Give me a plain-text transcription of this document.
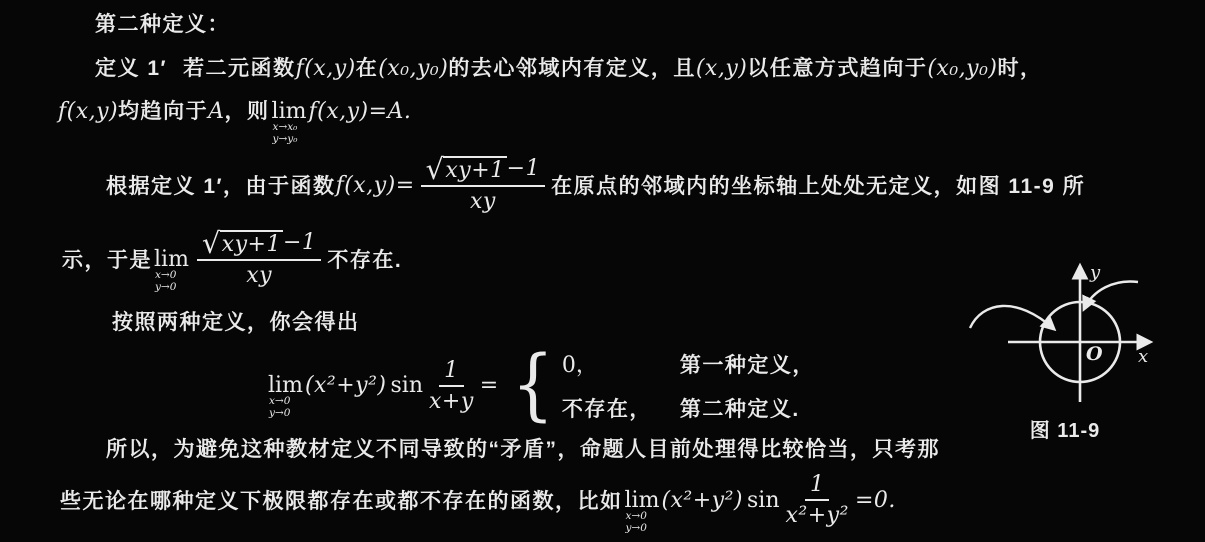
第二种定义：
定义 1′ 若二元函数 f(x,y) 在 (x₀,y₀) 的去心邻域内有定义，且 (x,y) 以任意方式趋向于 (x₀,y₀) 时，
f(x,y) 均趋向于 A ，则 lim
x→x₀
y→y₀
f(x,y)=A.
根据定义 1′，由于函数 $f(x,y)= \frac{√ xy+1 -1}{xy}$ 在原点的邻域内的坐标轴上处处无定义，如图 11-9 所
示，于是 lim
x→0
$y\to 0 \frac{√ xy+1 -1}{xy}$ 不存在.
按照两种定义，你会得出
lim
x→0
y→0
(x²+y²) $\sin \frac{1}{x+y}$ = { 0，	第一种定义，
不存在，	第二种定义.
所以，为避免这种教材定义不同导致的“矛盾”，命题人目前处理得比较恰当，只考那
些无论在哪种定义下极限都存在或都不存在的函数，比如 lim
x→0
y→0
(x²+y²) $\sin \frac{1}{\text{x²+y²}} =0$.
y
x
O
图 11-9
